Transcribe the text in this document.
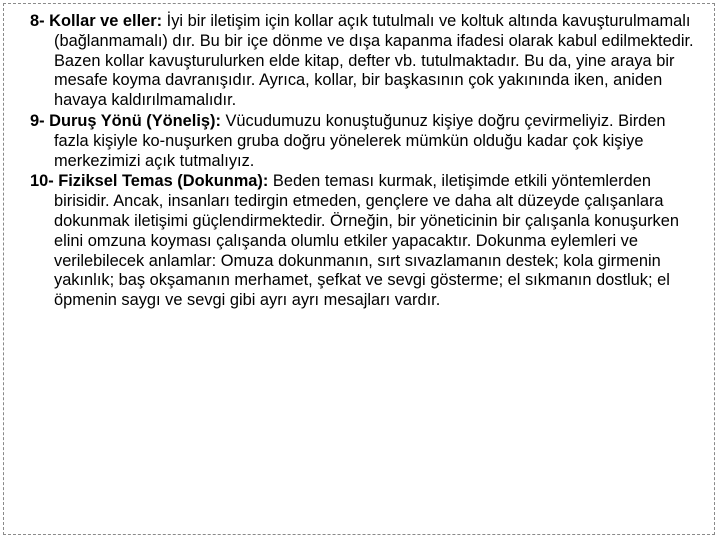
8- Kollar ve eller: İyi bir iletişim için kollar açık tutulmalı ve koltuk altında kavuşturulmamalı (bağlanmamalı) dır. Bu bir içe dönme ve dışa kapanma ifadesi olarak kabul edilmektedir. Bazen kollar kavuşturulurken elde kitap, defter vb. tutulmaktadır. Bu da, yine araya bir mesafe koyma davranışıdır. Ayrıca, kollar, bir başkasının çok yakınında iken, aniden havaya kaldırılmamalıdır.

9- Duruş Yönü (Yöneliş): Vücudumuzu konuştuğunuz kişiye doğru çevirmeliyiz. Birden fazla kişiyle ko-nuşurken gruba doğru yönelerek mümkün olduğu kadar çok kişiye merkezimizi açık tutmalıyız.

10- Fiziksel Temas (Dokunma): Beden teması kurmak, iletişimde etkili yöntemlerden birisidir. Ancak, insanları tedirgin etmeden, gençlere ve daha alt düzeyde çalışanlara dokunmak iletişimi güçlendirmektedir. Örneğin, bir yöneticinin bir çalışanla konuşurken elini omzuna koyması çalışanda olumlu etkiler yapacaktır. Dokunma eylemleri ve verilebilecek anlamlar: Omuza dokunmanın, sırt sıvazlamanın destek; kola girmenin yakınlık; baş okşamanın merhamet, şefkat ve sevgi gösterme; el sıkmanın dostluk; el öpmenin saygı ve sevgi gibi ayrı ayrı mesajları vardır.
